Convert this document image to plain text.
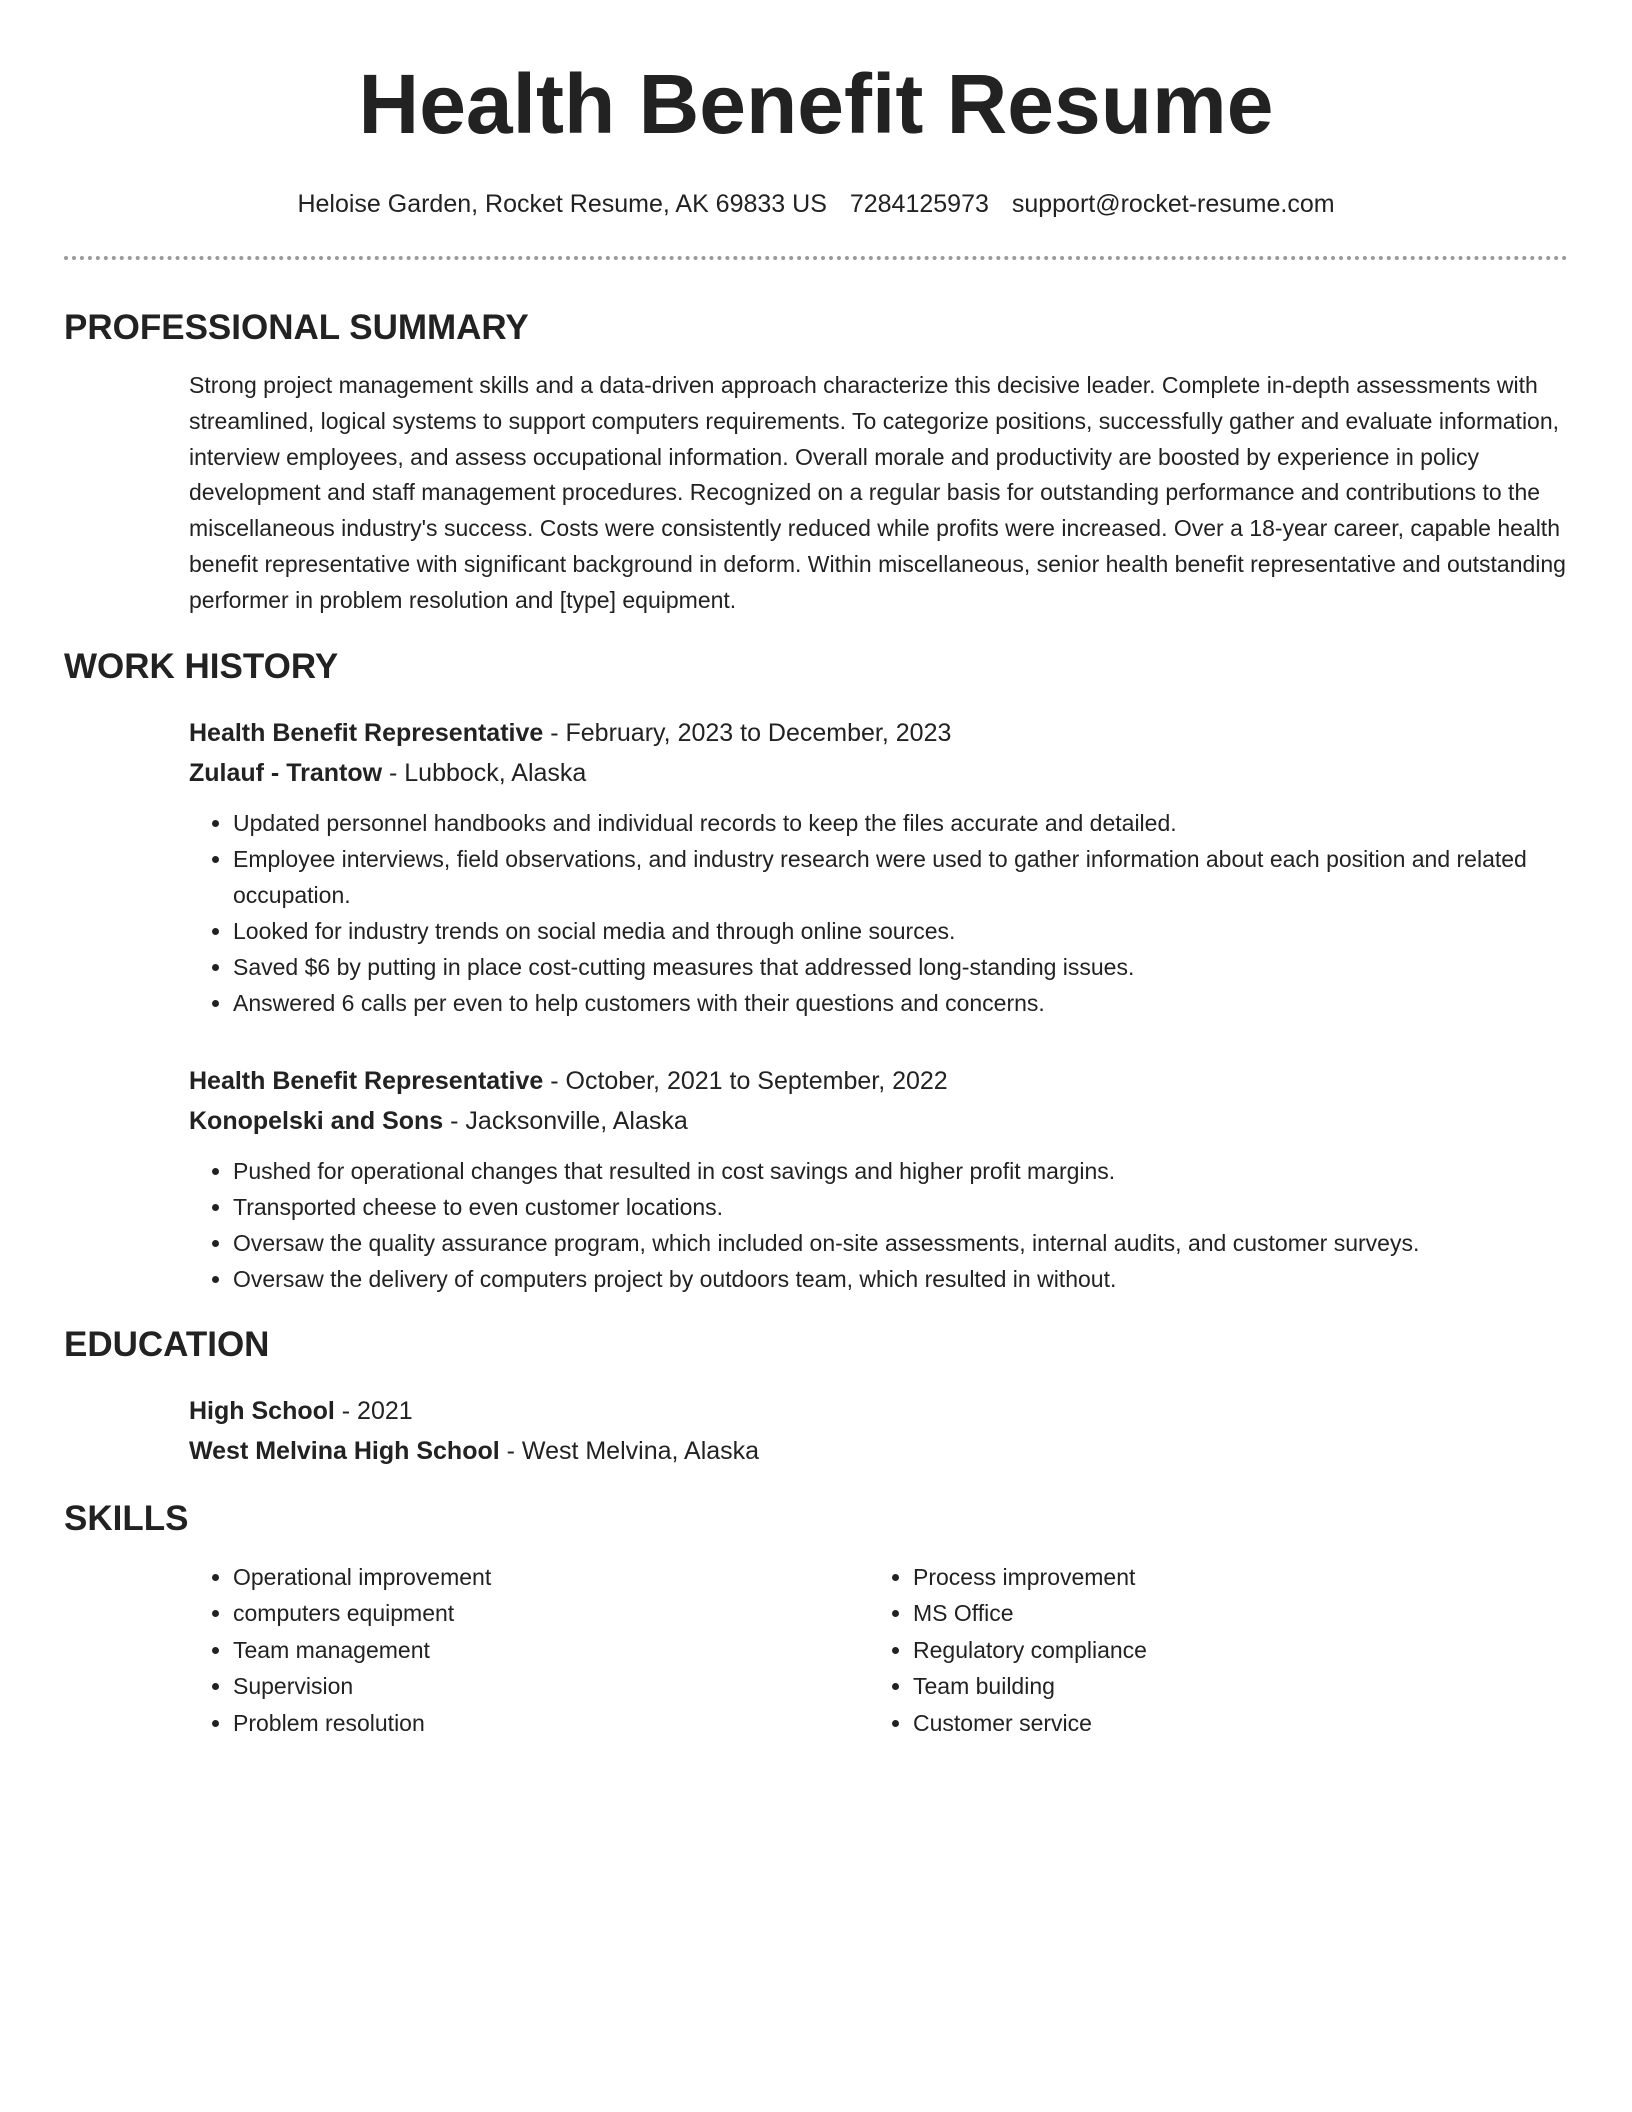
Health Benefit Resume
Heloise Garden, Rocket Resume, AK 69833 US 7284125973 support@rocket-resume.com
PROFESSIONAL SUMMARY

Strong project management skills and a data-driven approach characterize this decisive leader. Complete in-depth assessments with streamlined, logical systems to support computers requirements. To categorize positions, successfully gather and evaluate information, interview employees, and assess occupational information. Overall morale and productivity are boosted by experience in policy development and staff management procedures. Recognized on a regular basis for outstanding performance and contributions to the miscellaneous industry's success. Costs were consistently reduced while profits were increased. Over a 18-year career, capable health benefit representative with significant background in deform. Within miscellaneous, senior health benefit representative and outstanding performer in problem resolution and [type] equipment.

WORK HISTORY
Health Benefit Representative - February, 2023 to December, 2023
Zulauf - Trantow - Lubbock, Alaska
• Updated personnel handbooks and individual records to keep the files accurate and detailed.
• Employee interviews, field observations, and industry research were used to gather information about each position and related occupation.
• Looked for industry trends on social media and through online sources.
• Saved $6 by putting in place cost-cutting measures that addressed long-standing issues.
• Answered 6 calls per even to help customers with their questions and concerns.
Health Benefit Representative - October, 2021 to September, 2022
Konopelski and Sons - Jacksonville, Alaska
• Pushed for operational changes that resulted in cost savings and higher profit margins.
• Transported cheese to even customer locations.
• Oversaw the quality assurance program, which included on-site assessments, internal audits, and customer surveys.
• Oversaw the delivery of computers project by outdoors team, which resulted in without.
EDUCATION
High School - 2021
West Melvina High School - West Melvina, Alaska
SKILLS
• Operational improvement
• computers equipment
• Team management
• Supervision
• Problem resolution
• Process improvement
• MS Office
• Regulatory compliance
• Team building
• Customer service
